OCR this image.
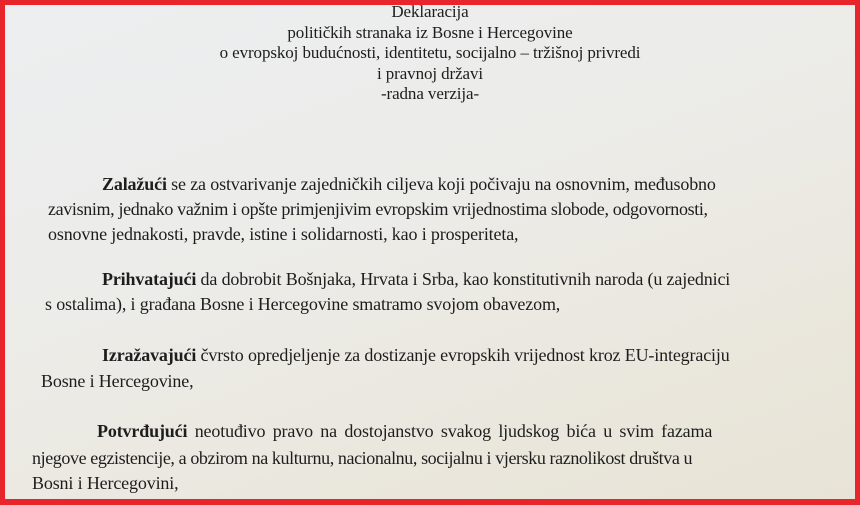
Deklaracija
političkih stranaka iz Bosne i Hercegovine
o evropskoj budućnosti, identitetu, socijalno – tržišnoj privredi
i pravnoj državi
-radna verzija-
Zalažući se za ostvarivanje zajedničkih ciljeva koji počivaju na osnovnim, međusobno
zavisnim, jednako važnim i opšte primjenjivim evropskim vrijednostima slobode, odgovornosti,
osnovne jednakosti, pravde, istine i solidarnosti, kao i prosperiteta,
Prihvatajući da dobrobit Bošnjaka, Hrvata i Srba, kao konstitutivnih naroda (u zajednici
s ostalima), i građana Bosne i Hercegovine smatramo svojom obavezom,
Izražavajući čvrsto opredjeljenje za dostizanje evropskih vrijednost kroz EU-integraciju
Bosne i Hercegovine,
Potvrđujući neotuđivo pravo na dostojanstvo svakog ljudskog bića u svim fazama
njegove egzistencije, a obzirom na kulturnu, nacionalnu, socijalnu i vjersku raznolikost društva u
Bosni i Hercegovini,
